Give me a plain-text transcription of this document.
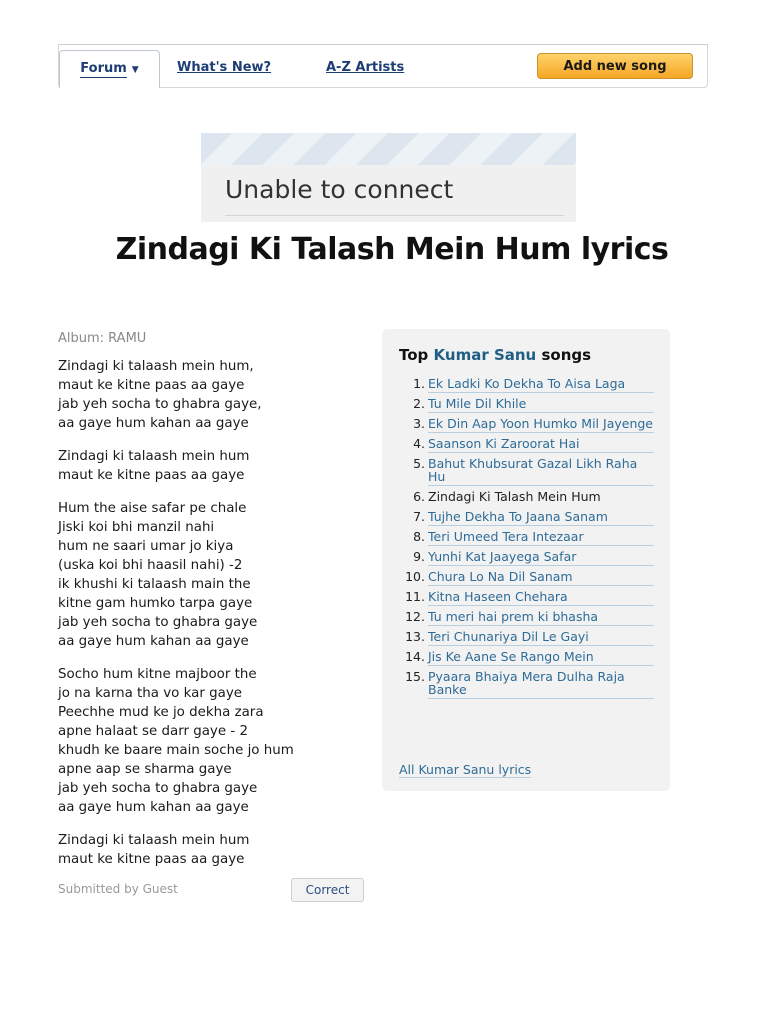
Forum ▼	What's New?	A-Z Artists	Add new song
Unable to connect
Zindagi Ki Talash Mein Hum lyrics
Album: RAMU
Zindagi ki talaash mein hum,
maut ke kitne paas aa gaye
jab yeh socha to ghabra gaye,
aa gaye hum kahan aa gaye
Zindagi ki talaash mein hum
maut ke kitne paas aa gaye
Hum the aise safar pe chale
Jiski koi bhi manzil nahi
hum ne saari umar jo kiya
(uska koi bhi haasil nahi) -2
ik khushi ki talaash main the
kitne gam humko tarpa gaye
jab yeh socha to ghabra gaye
aa gaye hum kahan aa gaye
Socho hum kitne majboor the
jo na karna tha vo kar gaye
Peechhe mud ke jo dekha zara
apne halaat se darr gaye - 2
khudh ke baare main soche jo hum
apne aap se sharma gaye
jab yeh socha to ghabra gaye
aa gaye hum kahan aa gaye
Zindagi ki talaash mein hum
maut ke kitne paas aa gaye
Submitted by Guest	Correct
Top Kumar Sanu songs
1. Ek Ladki Ko Dekha To Aisa Laga
2. Tu Mile Dil Khile
3. Ek Din Aap Yoon Humko Mil Jayenge
4. Saanson Ki Zaroorat Hai
5. Bahut Khubsurat Gazal Likh Raha Hu
6. Zindagi Ki Talash Mein Hum
7. Tujhe Dekha To Jaana Sanam
8. Teri Umeed Tera Intezaar
9. Yunhi Kat Jaayega Safar
10. Chura Lo Na Dil Sanam
11. Kitna Haseen Chehara
12. Tu meri hai prem ki bhasha
13. Teri Chunariya Dil Le Gayi
14. Jis Ke Aane Se Rango Mein
15. Pyaara Bhaiya Mera Dulha Raja Banke
All Kumar Sanu lyrics
